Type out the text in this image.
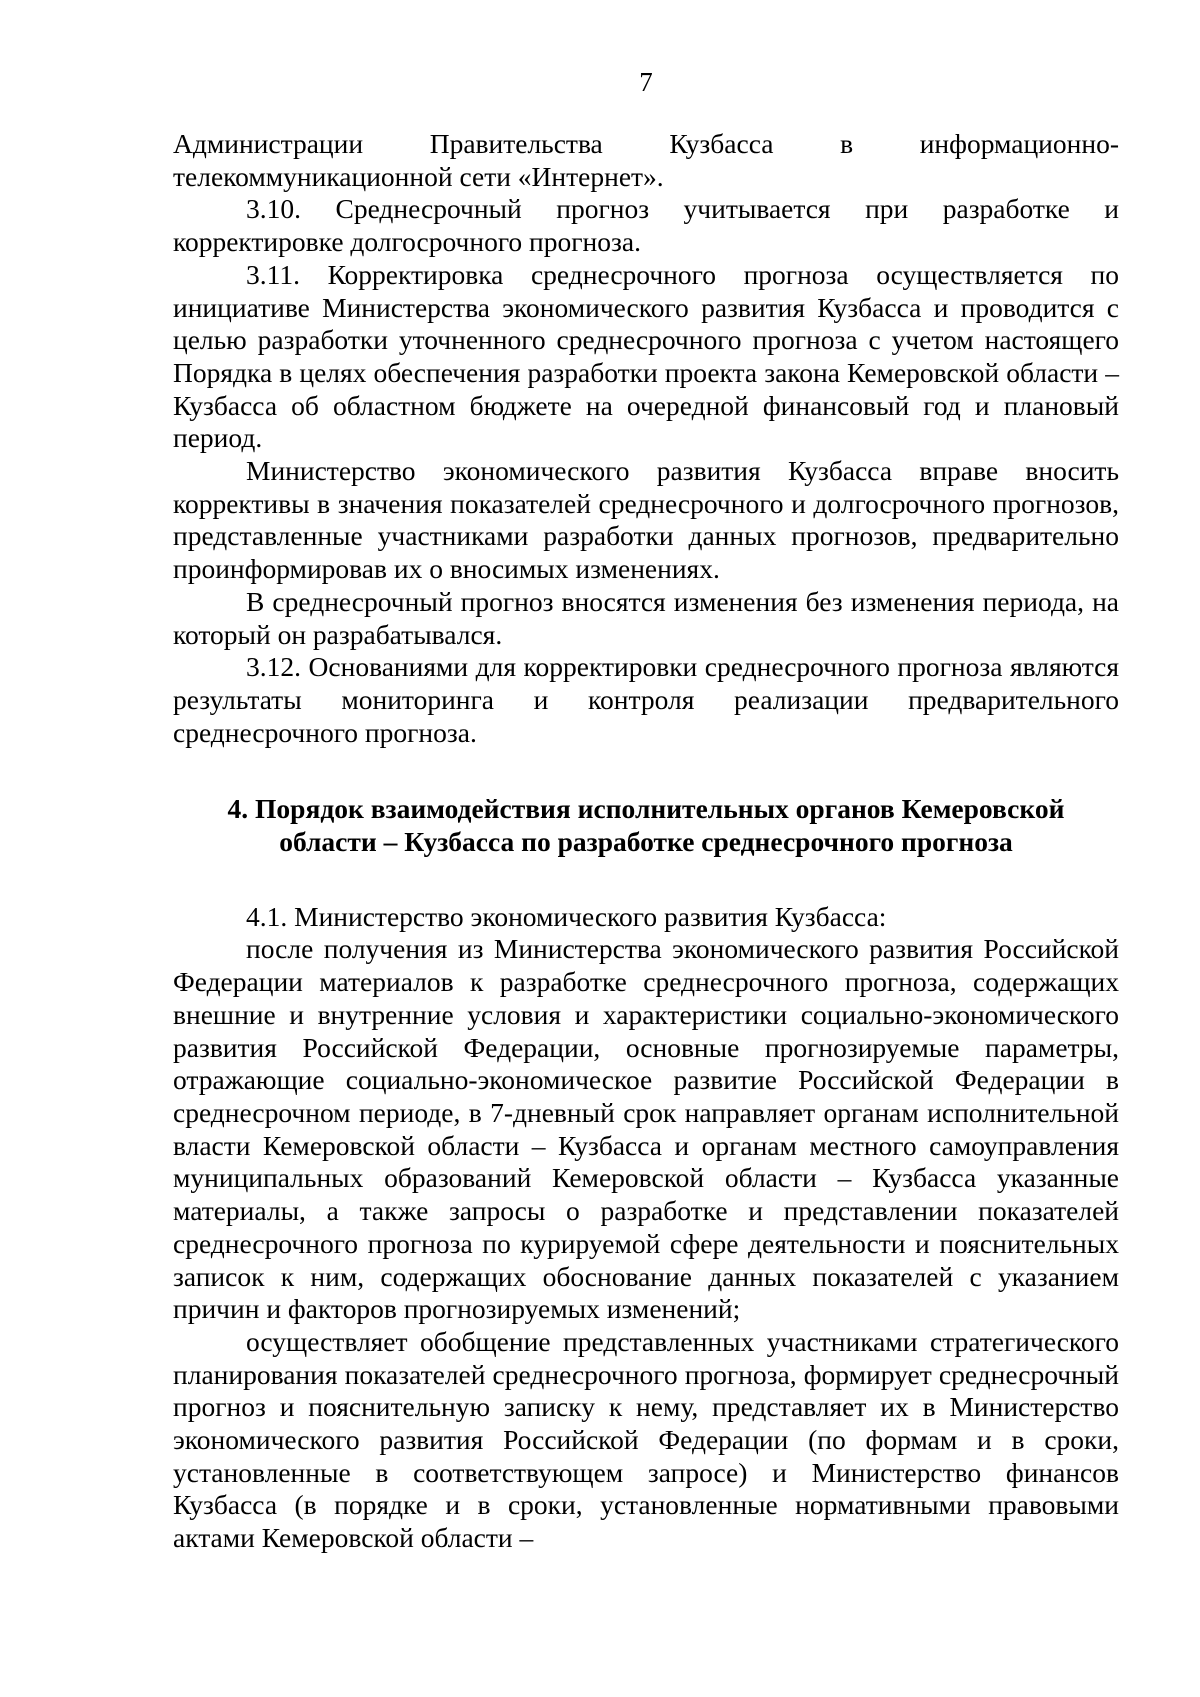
7

Администрации Правительства Кузбасса в информационно-телекоммуникационной сети «Интернет».

3.10. Среднесрочный прогноз учитывается при разработке и корректировке долгосрочного прогноза.

3.11. Корректировка среднесрочного прогноза осуществляется по инициативе Министерства экономического развития Кузбасса и проводится с целью разработки уточненного среднесрочного прогноза с учетом настоящего Порядка в целях обеспечения разработки проекта закона Кемеровской области – Кузбасса об областном бюджете на очередной финансовый год и плановый период.

Министерство экономического развития Кузбасса вправе вносить коррективы в значения показателей среднесрочного и долгосрочного прогнозов, представленные участниками разработки данных прогнозов, предварительно проинформировав их о вносимых изменениях.

В среднесрочный прогноз вносятся изменения без изменения периода, на который он разрабатывался.

3.12. Основаниями для корректировки среднесрочного прогноза являются результаты мониторинга и контроля реализации предварительного среднесрочного прогноза.

4. Порядок взаимодействия исполнительных органов Кемеровской
области – Кузбасса по разработке среднесрочного прогноза

4.1. Министерство экономического развития Кузбасса:

после получения из Министерства экономического развития Российской Федерации материалов к разработке среднесрочного прогноза, содержащих внешние и внутренние условия и характеристики социально-экономического развития Российской Федерации, основные прогнозируемые параметры, отражающие социально-экономическое развитие Российской Федерации в среднесрочном периоде, в 7-дневный срок направляет органам исполнительной власти Кемеровской области – Кузбасса и органам местного самоуправления муниципальных образований Кемеровской области – Кузбасса указанные материалы, а также запросы о разработке и представлении показателей среднесрочного прогноза по курируемой сфере деятельности и пояснительных записок к ним, содержащих обоснование данных показателей с указанием причин и факторов прогнозируемых изменений;

осуществляет обобщение представленных участниками стратегического планирования показателей среднесрочного прогноза, формирует среднесрочный прогноз и пояснительную записку к нему, представляет их в Министерство экономического развития Российской Федерации (по формам и в сроки, установленные в соответствующем запросе) и Министерство финансов Кузбасса (в порядке и в сроки, установленные нормативными правовыми актами Кемеровской области –
